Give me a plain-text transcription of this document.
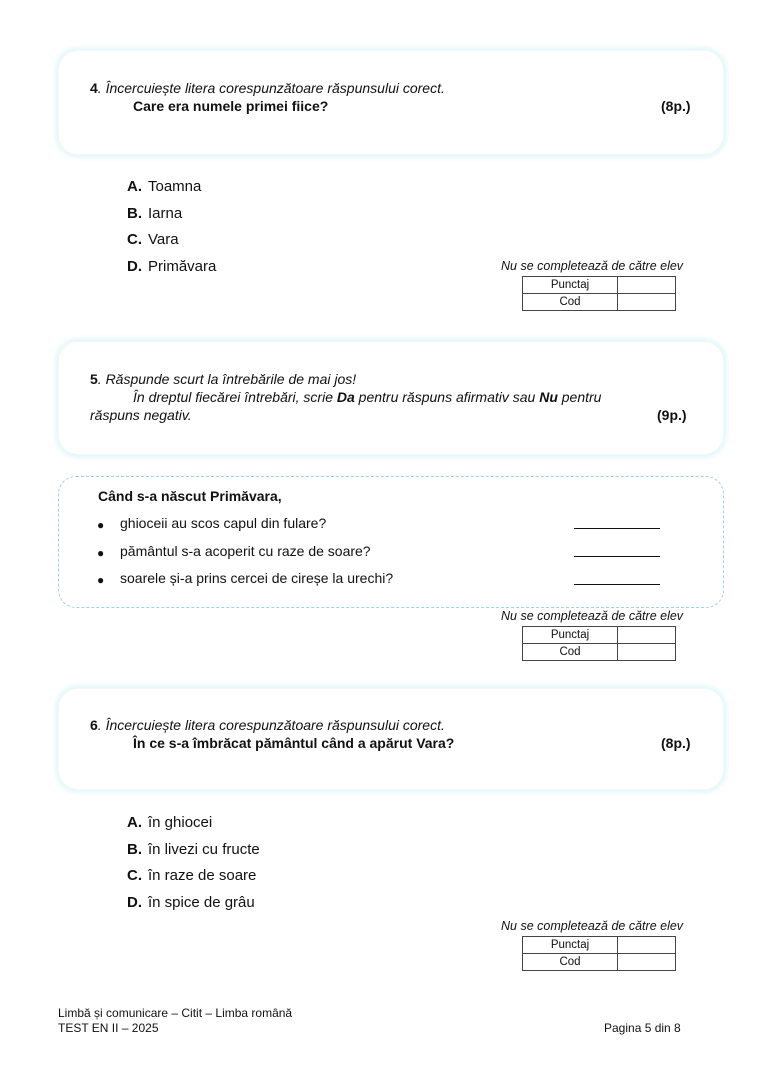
4. Încercuiește litera corespunzătoare răspunsului corect.
Care era numele primei fiice?	(8p.)
A. Toamna
B. Iarna
C. Vara
D. Primăvara	Nu se completează de către elev
Punctaj	
Cod	
5. Răspunde scurt la întrebările de mai jos!
În dreptul fiecărei întrebări, scrie Da pentru răspuns afirmativ sau Nu pentru
răspuns negativ.	(9p.)
Când s-a născut Primăvara,
● ghioceii au scos capul din fulare?
● pământul s-a acoperit cu raze de soare?
● soarele și-a prins cercei de cireșe la urechi?
Nu se completează de către elev
Punctaj	
Cod	
6. Încercuiește litera corespunzătoare răspunsului corect.
În ce s-a îmbrăcat pământul când a apărut Vara?	(8p.)
A. în ghiocei
B. în livezi cu fructe
C. în raze de soare
D. în spice de grâu
Nu se completează de către elev
Punctaj	
Cod	
Limbă și comunicare – Citit – Limba română
TEST EN II – 2025	Pagina 5 din 8
